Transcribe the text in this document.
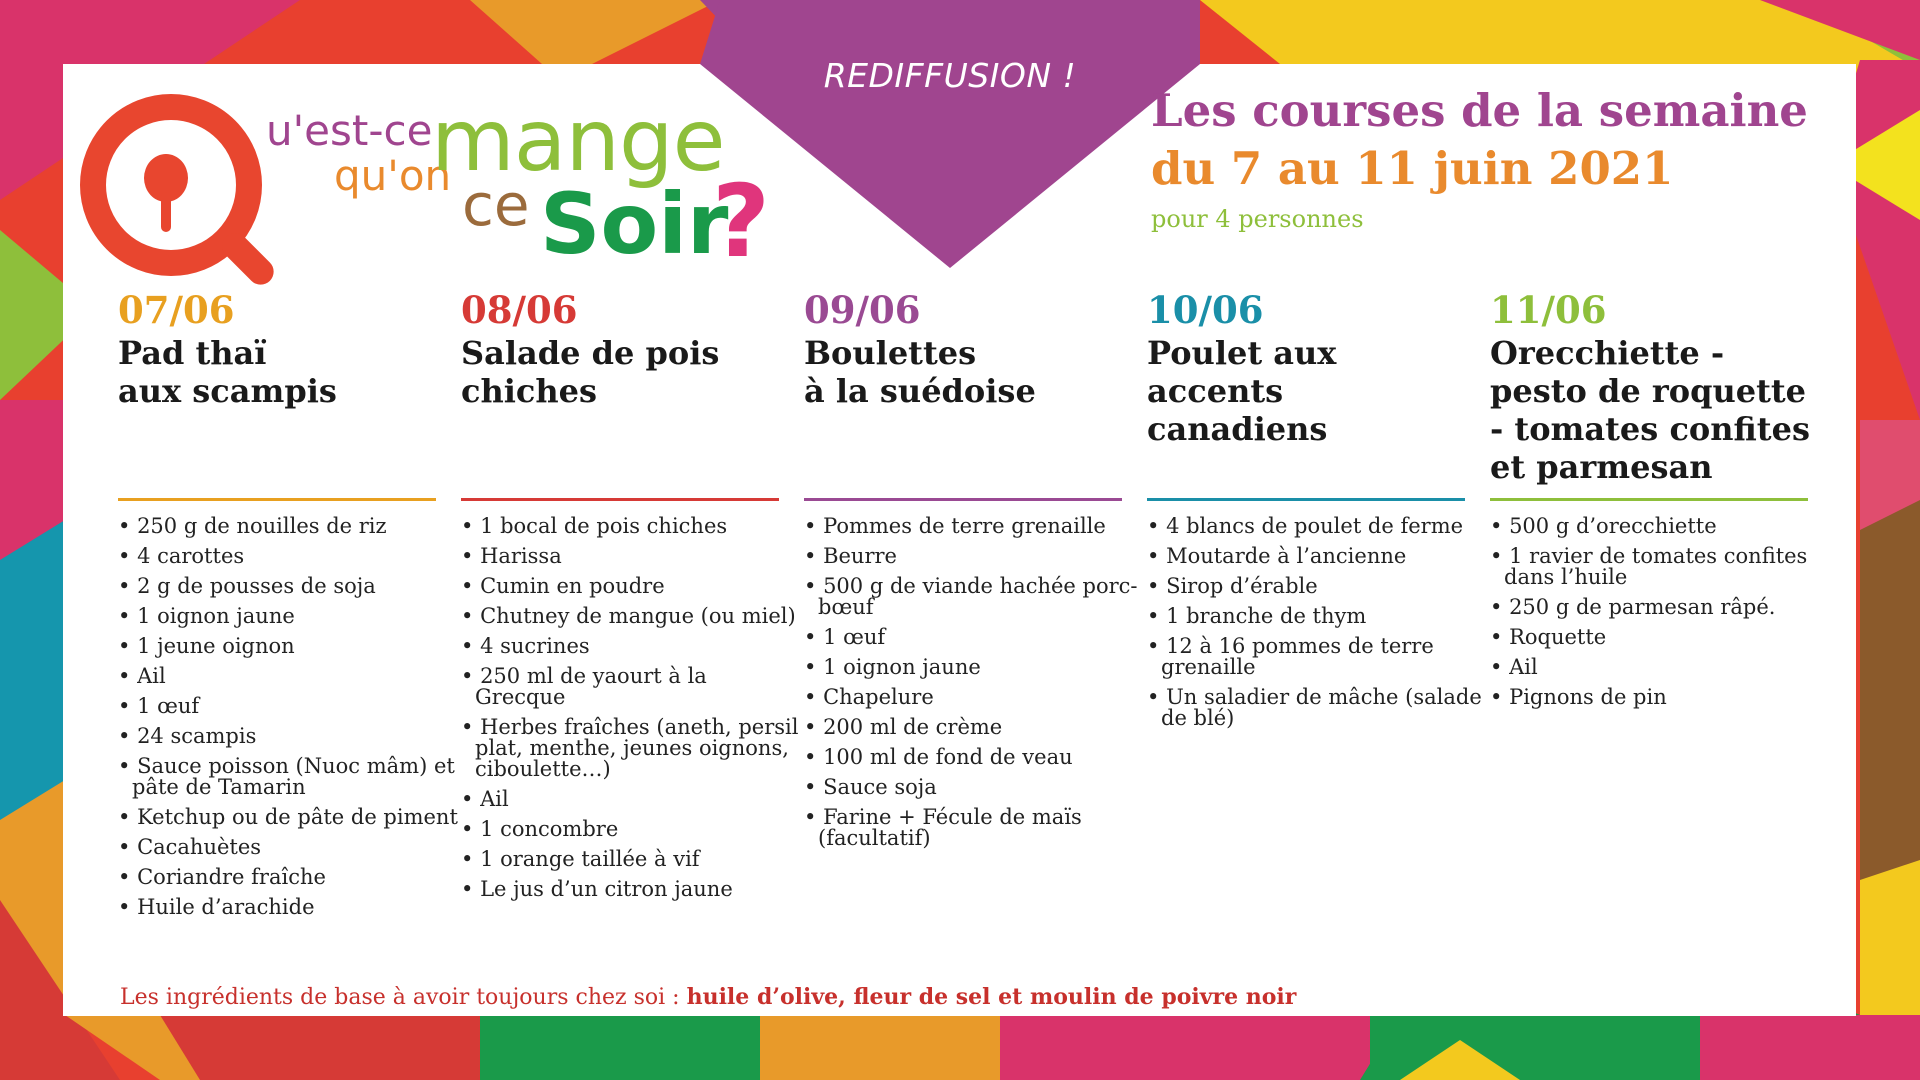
REDIFFUSION !
u'est-ce
qu'on
mange
ce Soir
?
Les courses de la semaine
du 7 au 11 juin 2021
pour 4 personnes
07/06
Pad thaï
aux scampis
• 250 g de nouilles de riz
• 4 carottes
• 2 g de pousses de soja
• 1 oignon jaune
• 1 jeune oignon
• Ail
• 1 œuf
• 24 scampis
• Sauce poisson (Nuoc mâm) et pâte de Tamarin
• Ketchup ou de pâte de piment
• Cacahuètes
• Coriandre fraîche
• Huile d’arachide
08/06
Salade de pois
chiches
• 1 bocal de pois chiches
• Harissa
• Cumin en poudre
• Chutney de mangue (ou miel)
• 4 sucrines
• 250 ml de yaourt à la Grecque
• Herbes fraîches (aneth, persil plat, menthe, jeunes oignons, ciboulette…)
• Ail
• 1 concombre
• 1 orange taillée à vif
• Le jus d’un citron jaune
09/06
Boulettes
à la suédoise
• Pommes de terre grenaille
• Beurre
• 500 g de viande hachée porc-bœuf
• 1 œuf
• 1 oignon jaune
• Chapelure
• 200 ml de crème
• 100 ml de fond de veau
• Sauce soja
• Farine + Fécule de maïs (facultatif)
10/06
Poulet aux accents
canadiens
• 4 blancs de poulet de ferme
• Moutarde à l’ancienne
• Sirop d’érable
• 1 branche de thym
• 12 à 16 pommes de terre grenaille
• Un saladier de mâche (salade de blé)
11/06
Orecchiette -
pesto de roquette
- tomates confites
et parmesan
• 500 g d’orecchiette
• 1 ravier de tomates confites dans l’huile
• 250 g de parmesan râpé.
• Roquette
• Ail
• Pignons de pin
Les ingrédients de base à avoir toujours chez soi : huile d’olive, fleur de sel et moulin de poivre noir
